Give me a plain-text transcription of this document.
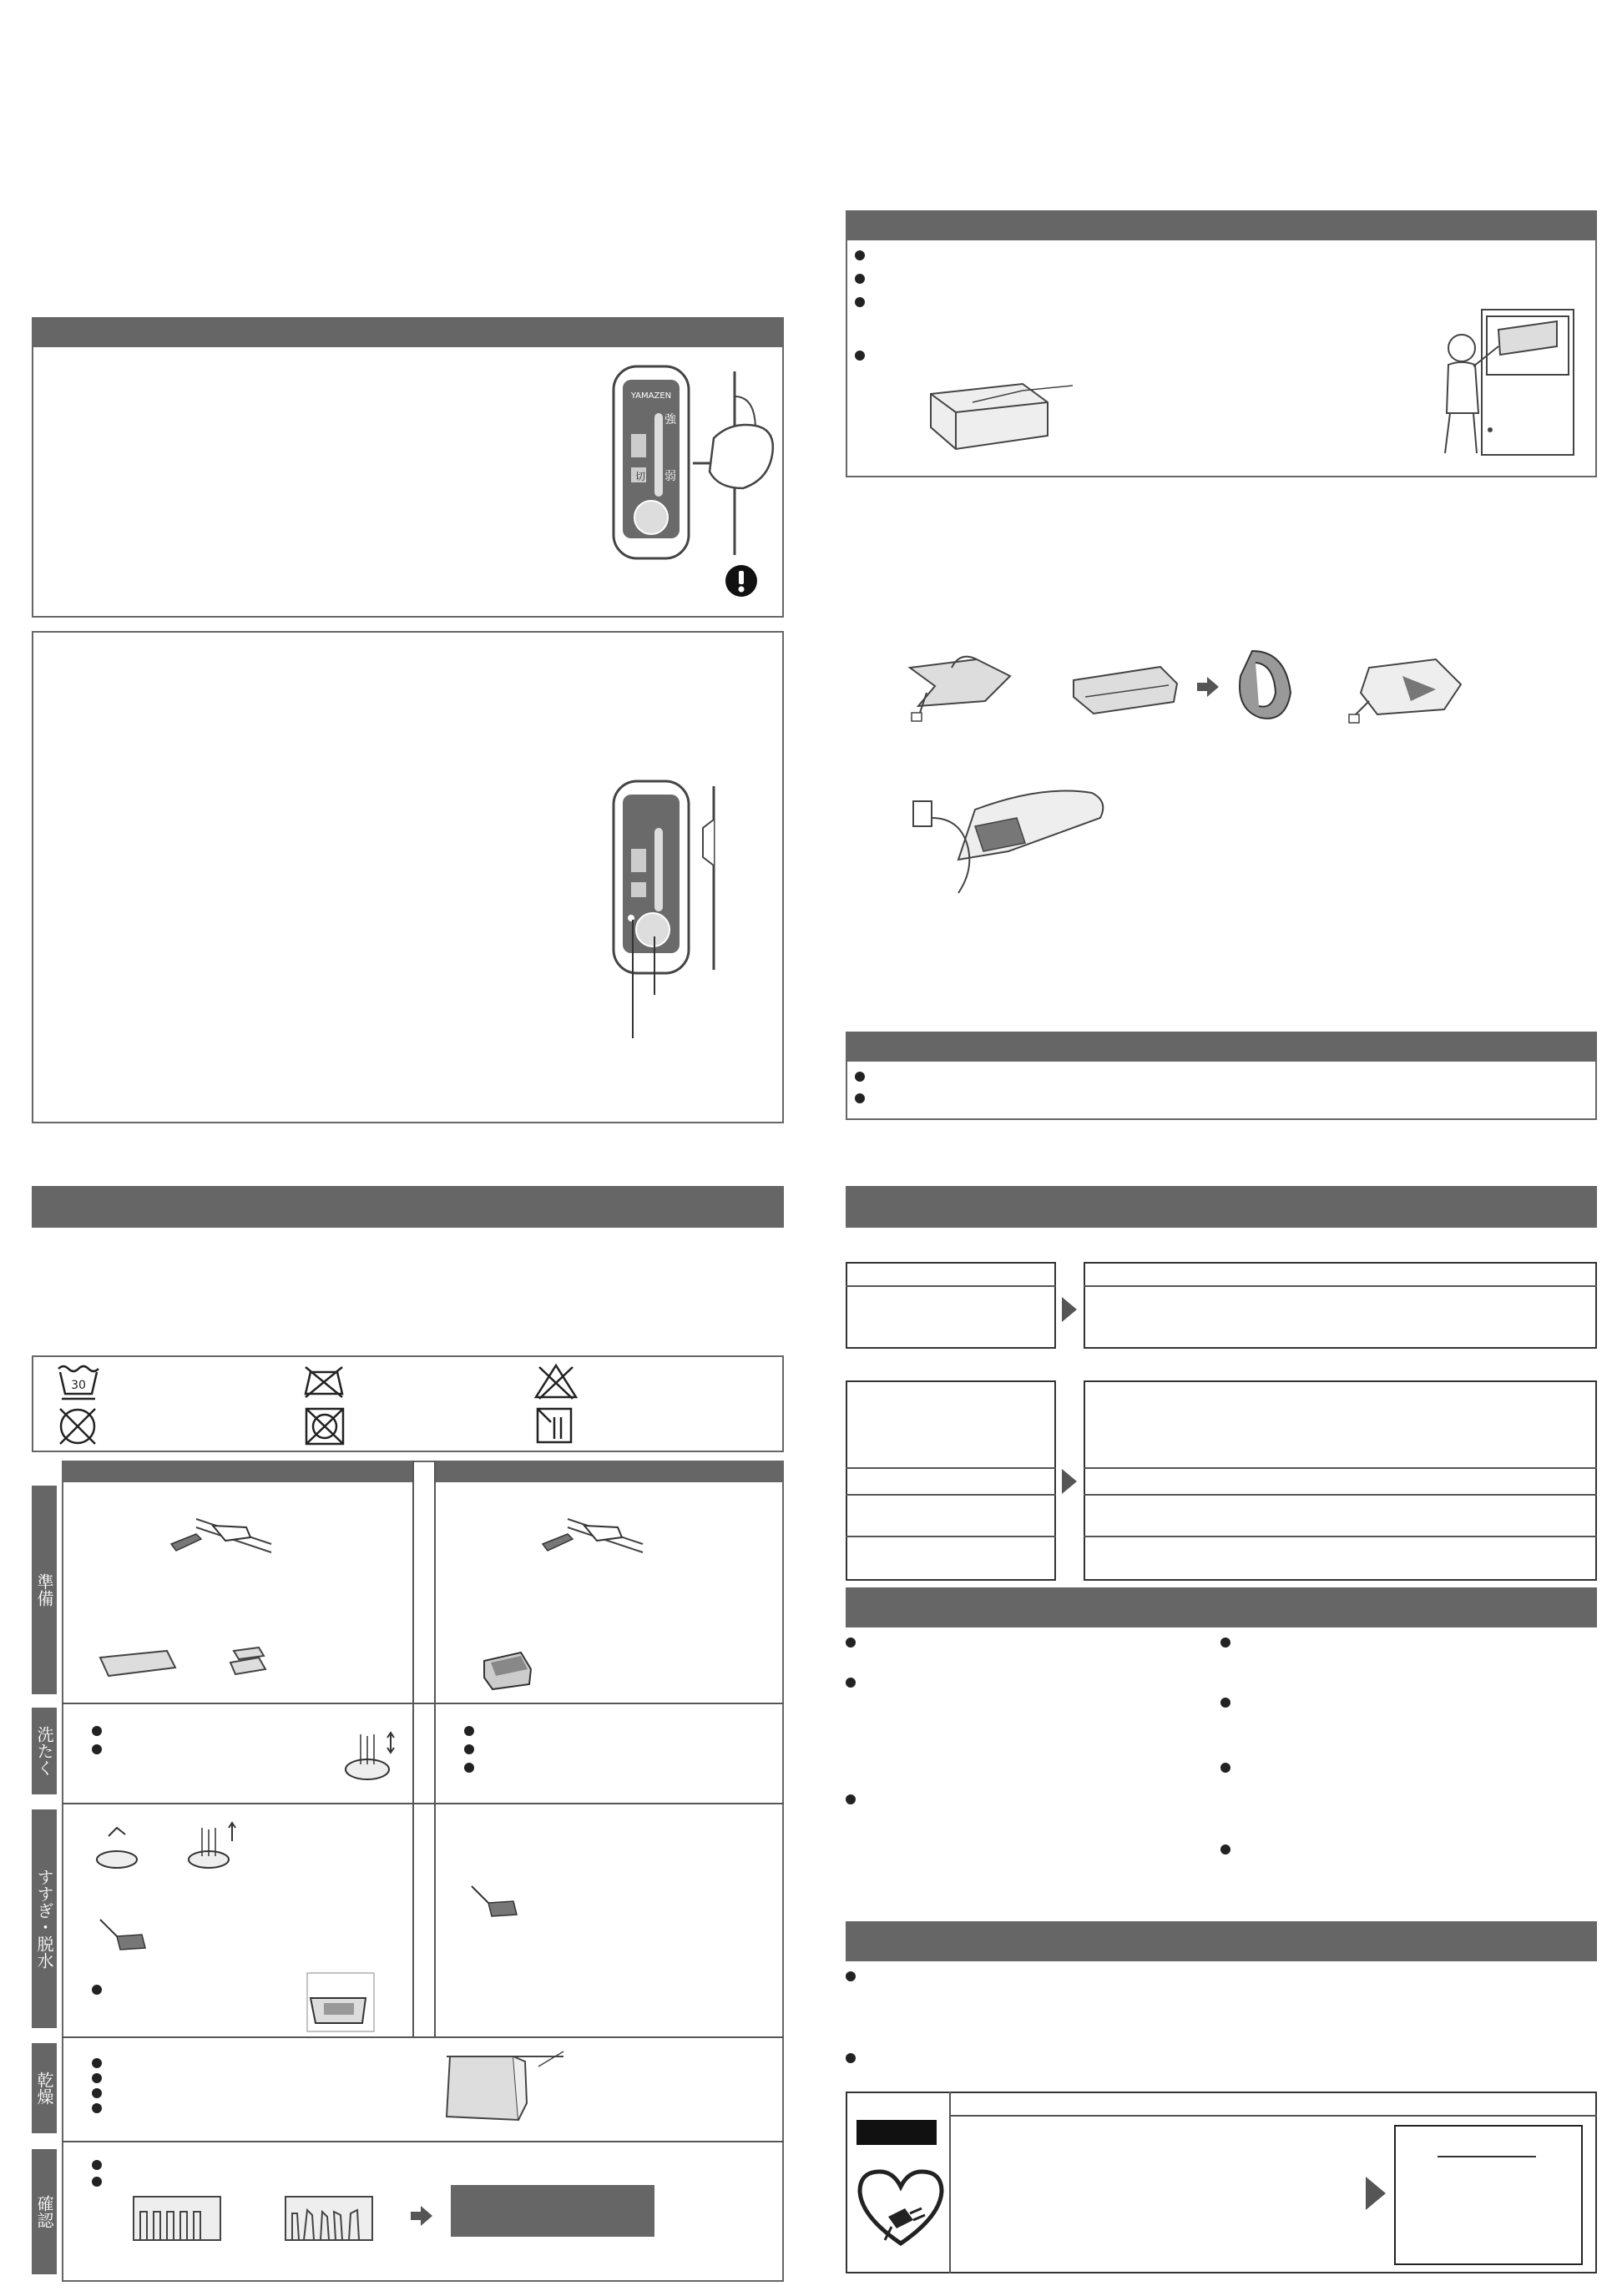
YAMAZEN
強
切 弱
30
準備
洗たく
すすぎ・脱水
乾燥
確認
